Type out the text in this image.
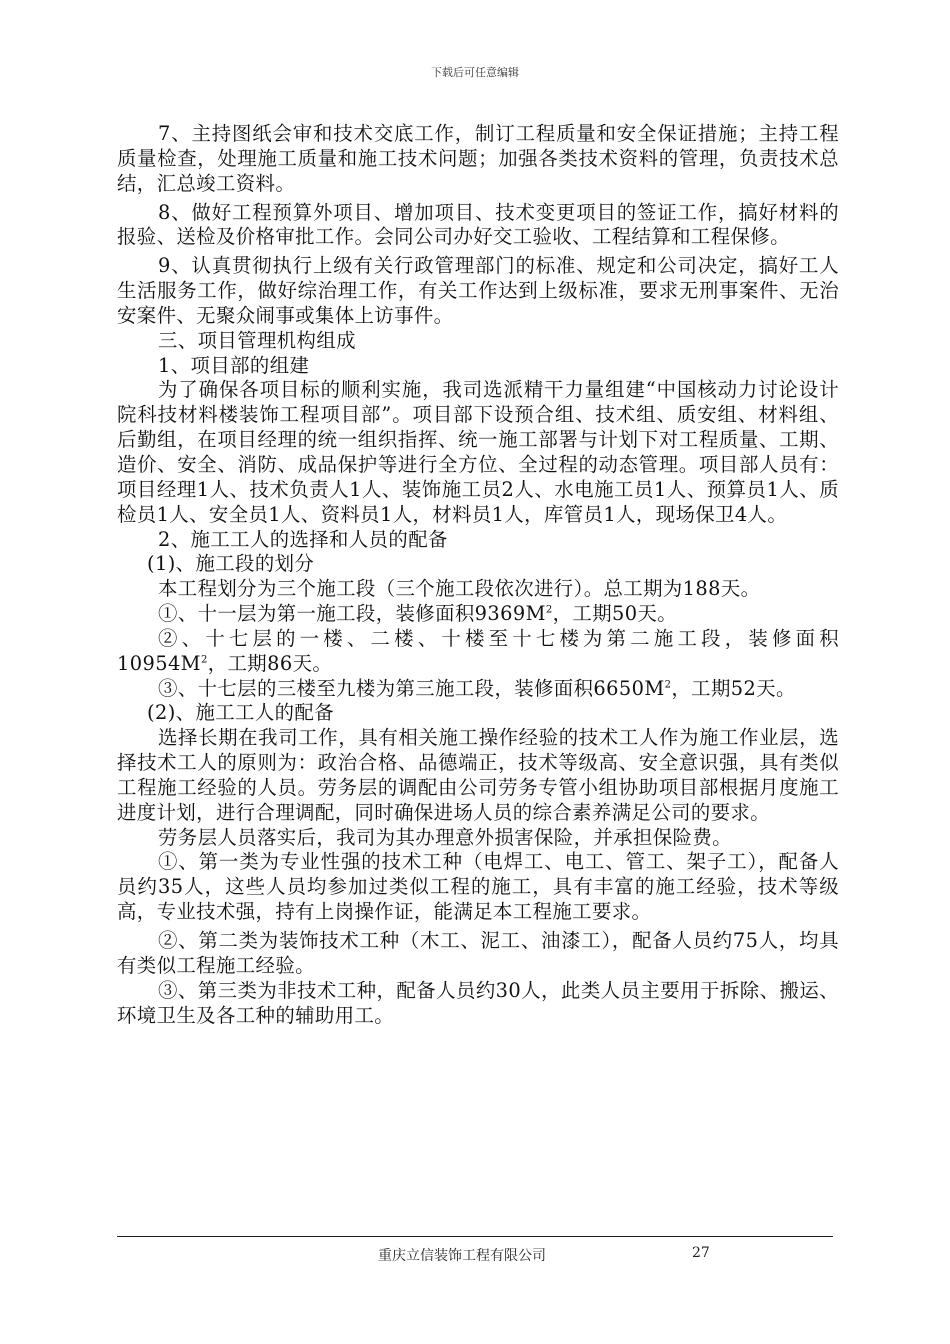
下载后可任意编辑

7、主持图纸会审和技术交底工作，制订工程质量和安全保证措施；主持工程质量检查，处理施工质量和施工技术问题；加强各类技术资料的管理，负责技术总结，汇总竣工资料。

8、做好工程预算外项目、增加项目、技术变更项目的签证工作，搞好材料的报验、送检及价格审批工作。会同公司办好交工验收、工程结算和工程保修。

9、认真贯彻执行上级有关行政管理部门的标准、规定和公司决定，搞好工人生活服务工作，做好综治理工作，有关工作达到上级标准，要求无刑事案件、无治安案件、无聚众闹事或集体上访事件。

三、项目管理机构组成

1、项目部的组建

为了确保各项目标的顺利实施，我司选派精干力量组建“中国核动力讨论设计院科技材料楼装饰工程项目部”。项目部下设预合组、技术组、质安组、材料组、后勤组，在项目经理的统一组织指挥、统一施工部署与计划下对工程质量、工期、造价、安全、消防、成品保护等进行全方位、全过程的动态管理。项目部人员有：项目经理1人、技术负责人1人、装饰施工员2人、水电施工员1人、预算员1人、质检员1人、安全员1人、资料员1人，材料员1人，库管员1人，现场保卫4人。

2、施工工人的选择和人员的配备

(1)、施工段的划分

本工程划分为三个施工段（三个施工段依次进行）。总工期为188天。

①、十一层为第一施工段，装修面积$9369M^2$，工期50天。

②、十七层的一楼、二楼、十楼至十七楼为第二施工段，装修面积$10954M^2$，工期86天。

③、十七层的三楼至九楼为第三施工段，装修面积$6650M^2$，工期52天。

(2)、施工工人的配备

选择长期在我司工作，具有相关施工操作经验的技术工人作为施工作业层，选择技术工人的原则为：政治合格、品德端正，技术等级高、安全意识强，具有类似工程施工经验的人员。劳务层的调配由公司劳务专管小组协助项目部根据月度施工进度计划，进行合理调配，同时确保进场人员的综合素养满足公司的要求。

劳务层人员落实后，我司为其办理意外损害保险，并承担保险费。

①、第一类为专业性强的技术工种（电焊工、电工、管工、架子工），配备人员约35人，这些人员均参加过类似工程的施工，具有丰富的施工经验，技术等级高，专业技术强，持有上岗操作证，能满足本工程施工要求。

②、第二类为装饰技术工种（木工、泥工、油漆工），配备人员约75人，均具有类似工程施工经验。

③、第三类为非技术工种，配备人员约30人，此类人员主要用于拆除、搬运、环境卫生及各工种的辅助用工。

重庆立信装饰工程有限公司	27
